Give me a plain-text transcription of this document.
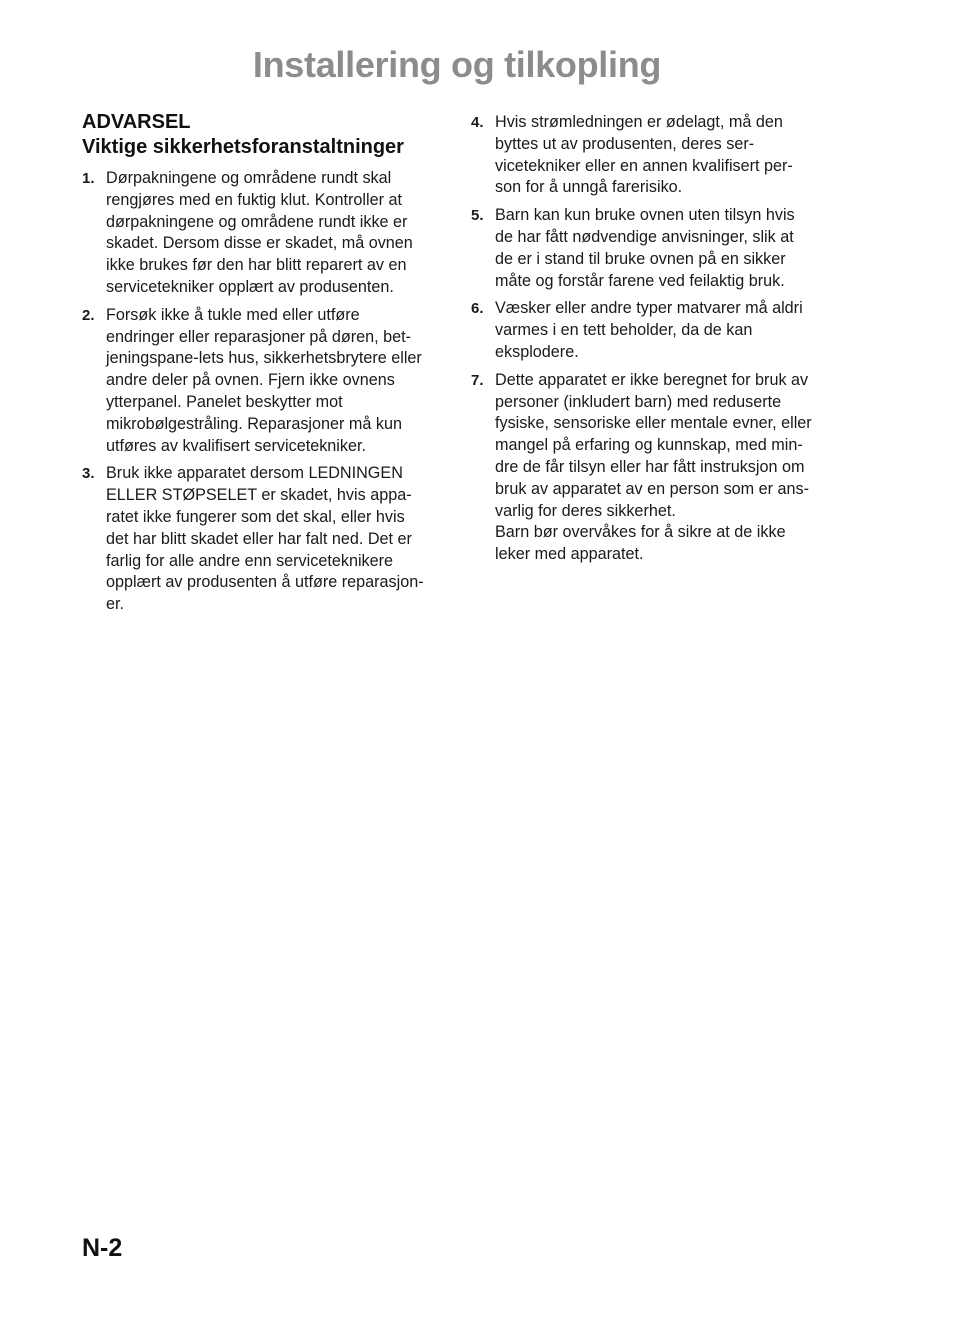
Installering og tilkopling
ADVARSEL
Viktige sikkerhetsforanstaltninger
1. Dørpakningene og områdene rundt skal
rengjøres med en fuktig klut. Kontroller at
dørpakningene og områdene rundt ikke er
skadet. Dersom disse er skadet, må ovnen
ikke brukes før den har blitt reparert av en
servicetekniker opplært av produsenten.
2. Forsøk ikke å tukle med eller utføre
endringer eller reparasjoner på døren, bet-
jeningspane-lets hus, sikkerhetsbrytere eller
andre deler på ovnen. Fjern ikke ovnens
ytterpanel. Panelet beskytter mot
mikrobølgestråling. Reparasjoner må kun
utføres av kvalifisert servicetekniker.
3. Bruk ikke apparatet dersom LEDNINGEN
ELLER STØPSELET er skadet, hvis appa-
ratet ikke fungerer som det skal, eller hvis
det har blitt skadet eller har falt ned. Det er
farlig for alle andre enn serviceteknikere
opplært av produsenten å utføre reparasjon-
er.
4. Hvis strømledningen er ødelagt, må den
byttes ut av produsenten, deres ser-
vicetekniker eller en annen kvalifisert per-
son for å unngå farerisiko.
5. Barn kan kun bruke ovnen uten tilsyn hvis
de har fått nødvendige anvisninger, slik at
de er i stand til bruke ovnen på en sikker
måte og forstår farene ved feilaktig bruk.
6. Væsker eller andre typer matvarer må aldri
varmes i en tett beholder, da de kan
eksplodere.
7. Dette apparatet er ikke beregnet for bruk av
personer (inkludert barn) med reduserte
fysiske, sensoriske eller mentale evner, eller
mangel på erfaring og kunnskap, med min-
dre de får tilsyn eller har fått instruksjon om
bruk av apparatet av en person som er ans-
varlig for deres sikkerhet.
Barn bør overvåkes for å sikre at de ikke
leker med apparatet.
N-2
